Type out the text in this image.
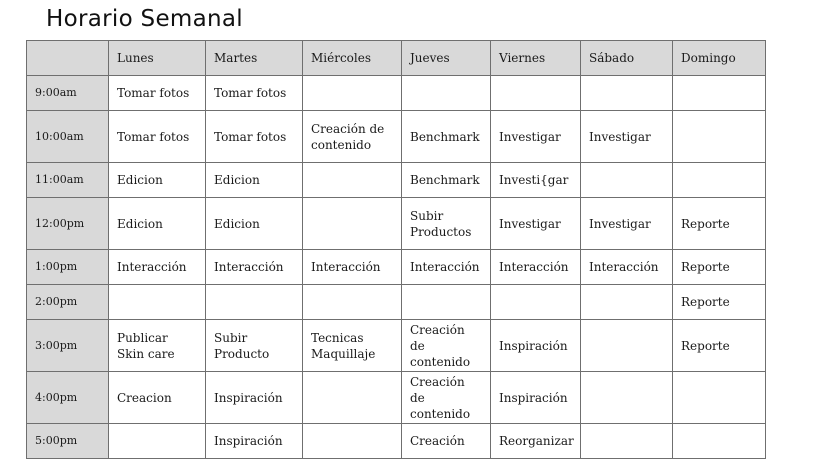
Horario Semanal
	Lunes	Martes	Miércoles	Jueves	Viernes	Sábado	Domingo
9:00am	Tomar fotos	Tomar fotos					
10:00am	Tomar fotos	Tomar fotos	Creación de contenido	Benchmark	Investigar	Investigar	
11:00am	Edicion	Edicion		Benchmark	Investi{gar		
12:00pm	Edicion	Edicion		Subir Productos	Investigar	Investigar	Reporte
1:00pm	Interacción	Interacción	Interacción	Interacción	Interacción	Interacción	Reporte
2:00pm							Reporte
3:00pm	Publicar Skin care	Subir Producto	Tecnicas Maquillaje	Creación de contenido	Inspiración		Reporte
4:00pm	Creacion	Inspiración		Creación de contenido	Inspiración		
5:00pm		Inspiración		Creación	Reorganizar		
